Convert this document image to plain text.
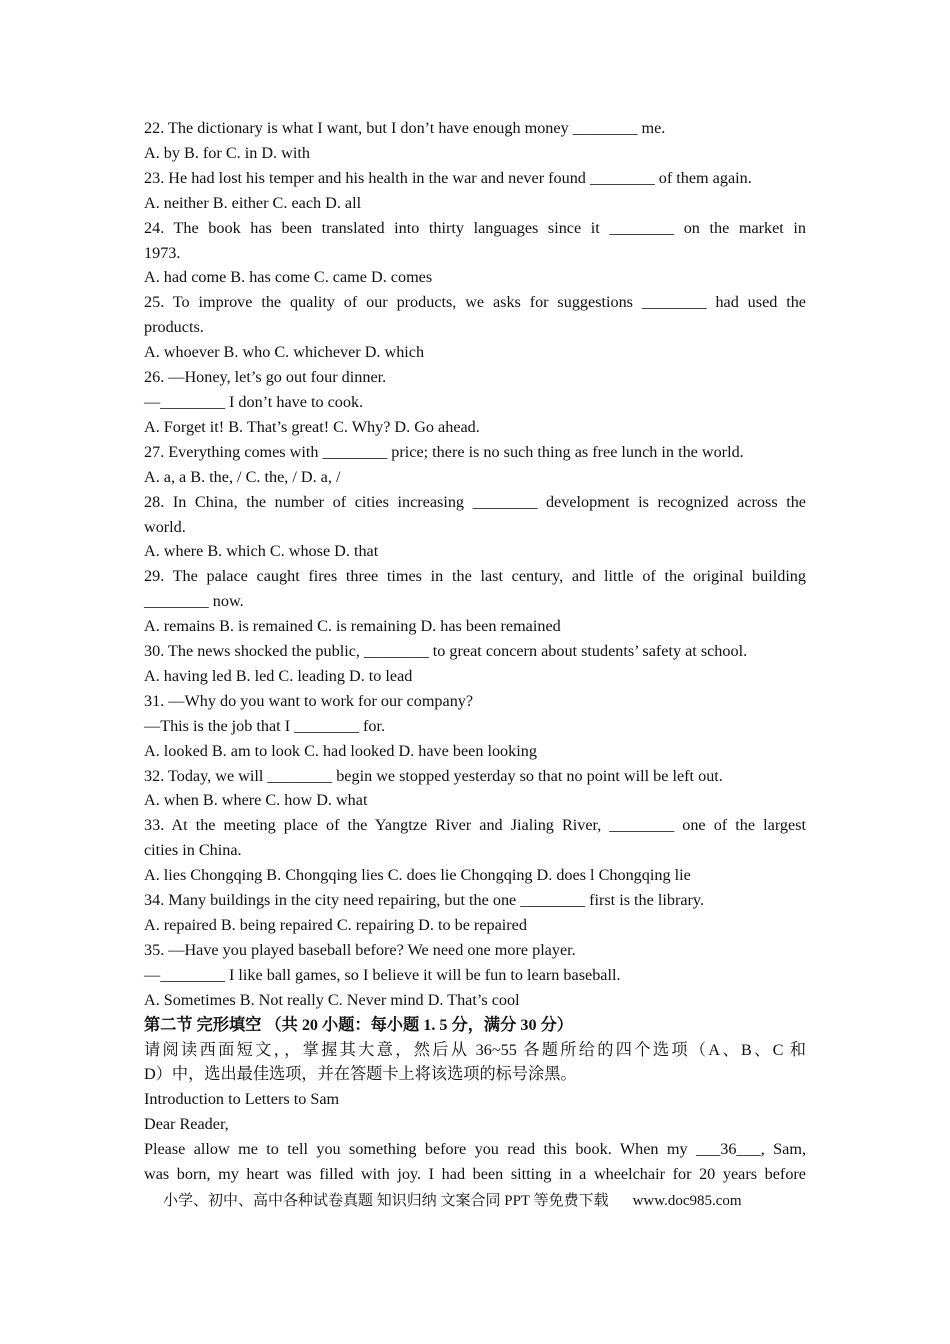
22. The dictionary is what I want, but I don’t have enough money ________ me.
A. by B. for C. in D. with
23. He had lost his temper and his health in the war and never found ________ of them again.
A. neither B. either C. each D. all
24. The book has been translated into thirty languages since it ________ on the market in
1973.
A. had come B. has come C. came D. comes
25. To improve the quality of our products, we asks for suggestions ________ had used the
products.
A. whoever B. who C. whichever D. which
26. —Honey, let’s go out four dinner.
—________ I don’t have to cook.
A. Forget it! B. That’s great! C. Why? D. Go ahead.
27. Everything comes with ________ price; there is no such thing as free lunch in the world.
A. a, a B. the, / C. the, / D. a, /
28. In China, the number of cities increasing ________ development is recognized across the
world.
A. where B. which C. whose D. that
29. The palace caught fires three times in the last century, and little of the original building
________ now.
A. remains B. is remained C. is remaining D. has been remained
30. The news shocked the public, ________ to great concern about students’ safety at school.
A. having led B. led C. leading D. to lead
31. —Why do you want to work for our company?
—This is the job that I ________ for.
A. looked B. am to look C. had looked D. have been looking
32. Today, we will ________ begin we stopped yesterday so that no point will be left out.
A. when B. where C. how D. what
33. At the meeting place of the Yangtze River and Jialing River, ________ one of the largest
cities in China.
A. lies Chongqing B. Chongqing lies C. does lie Chongqing D. does l Chongqing lie
34. Many buildings in the city need repairing, but the one ________ first is the library.
A. repaired B. being repaired C. repairing D. to be repaired
35. —Have you played baseball before? We need one more player.
—________ I like ball games, so I believe it will be fun to learn baseball.
A. Sometimes B. Not really C. Never mind D. That’s cool
第二节 完形填空 （共 20 小题：每小题 1. 5 分，满分 30 分）
请阅读西面短文，，掌握其大意，然后从 36~55 各题所给的四个选项（A、B、C 和
D）中，选出最佳选项，并在答题卡上将该选项的标号涂黑。
Introduction to Letters to Sam
Dear Reader,
Please allow me to tell you something before you read this book. When my ___36___, Sam,
was born, my heart was filled with joy. I had been sitting in a wheelchair for 20 years before
小学、初中、高中各种试卷真题 知识归纳 文案合同 PPT 等免费下载 www.doc985.com
